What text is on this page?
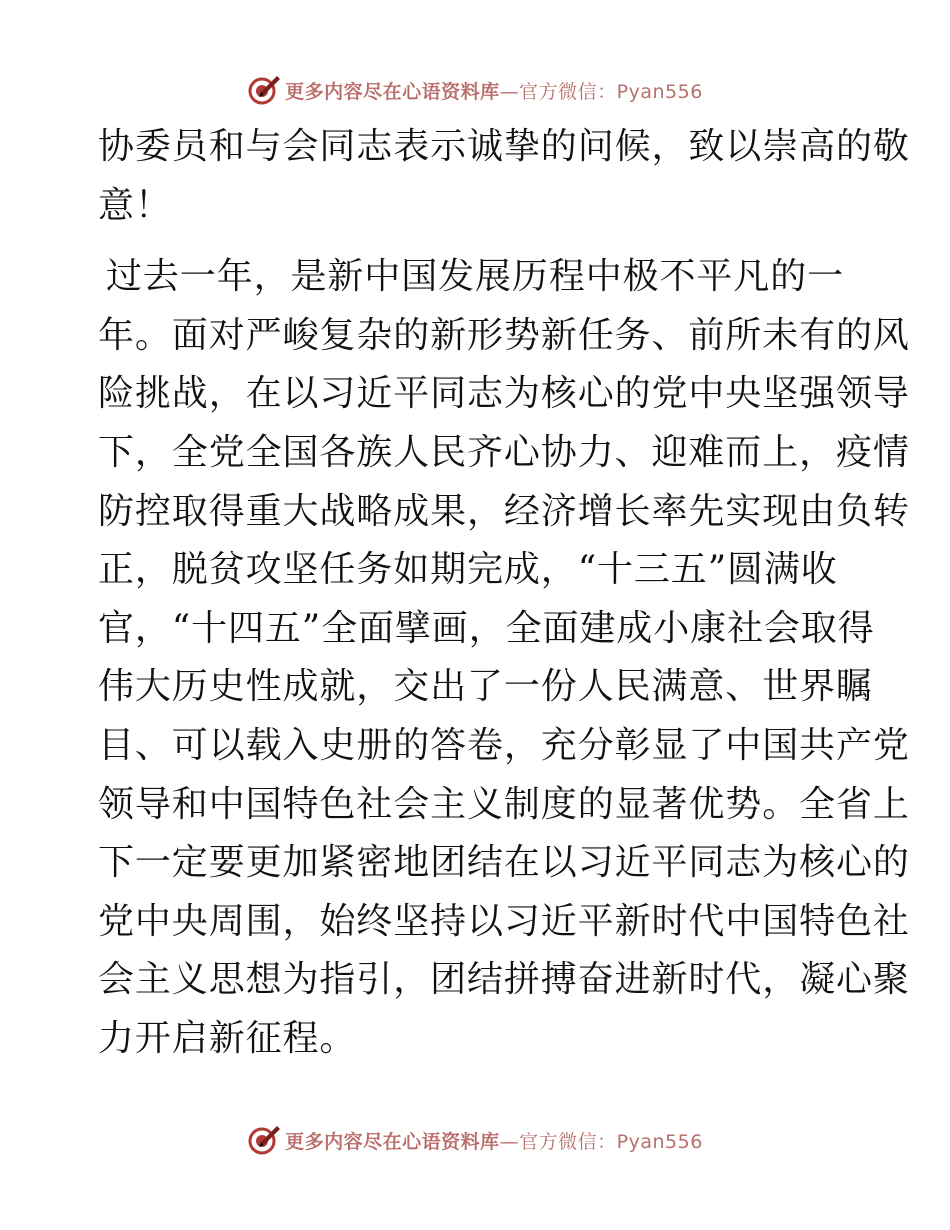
更多内容尽在心语资料库—官方微信：Pyan556
协委员和与会同志表示诚挚的问候，致以崇高的敬
意！
过去一年，是新中国发展历程中极不平凡的一
年。面对严峻复杂的新形势新任务、前所未有的风
险挑战，在以习近平同志为核心的党中央坚强领导
下，全党全国各族人民齐心协力、迎难而上，疫情
防控取得重大战略成果，经济增长率先实现由负转
正，脱贫攻坚任务如期完成，“十三五”圆满收
官，“十四五”全面擘画，全面建成小康社会取得
伟大历史性成就，交出了一份人民满意、世界瞩
目、可以载入史册的答卷，充分彰显了中国共产党
领导和中国特色社会主义制度的显著优势。全省上
下一定要更加紧密地团结在以习近平同志为核心的
党中央周围，始终坚持以习近平新时代中国特色社
会主义思想为指引，团结拼搏奋进新时代，凝心聚
力开启新征程。
更多内容尽在心语资料库—官方微信：Pyan556
